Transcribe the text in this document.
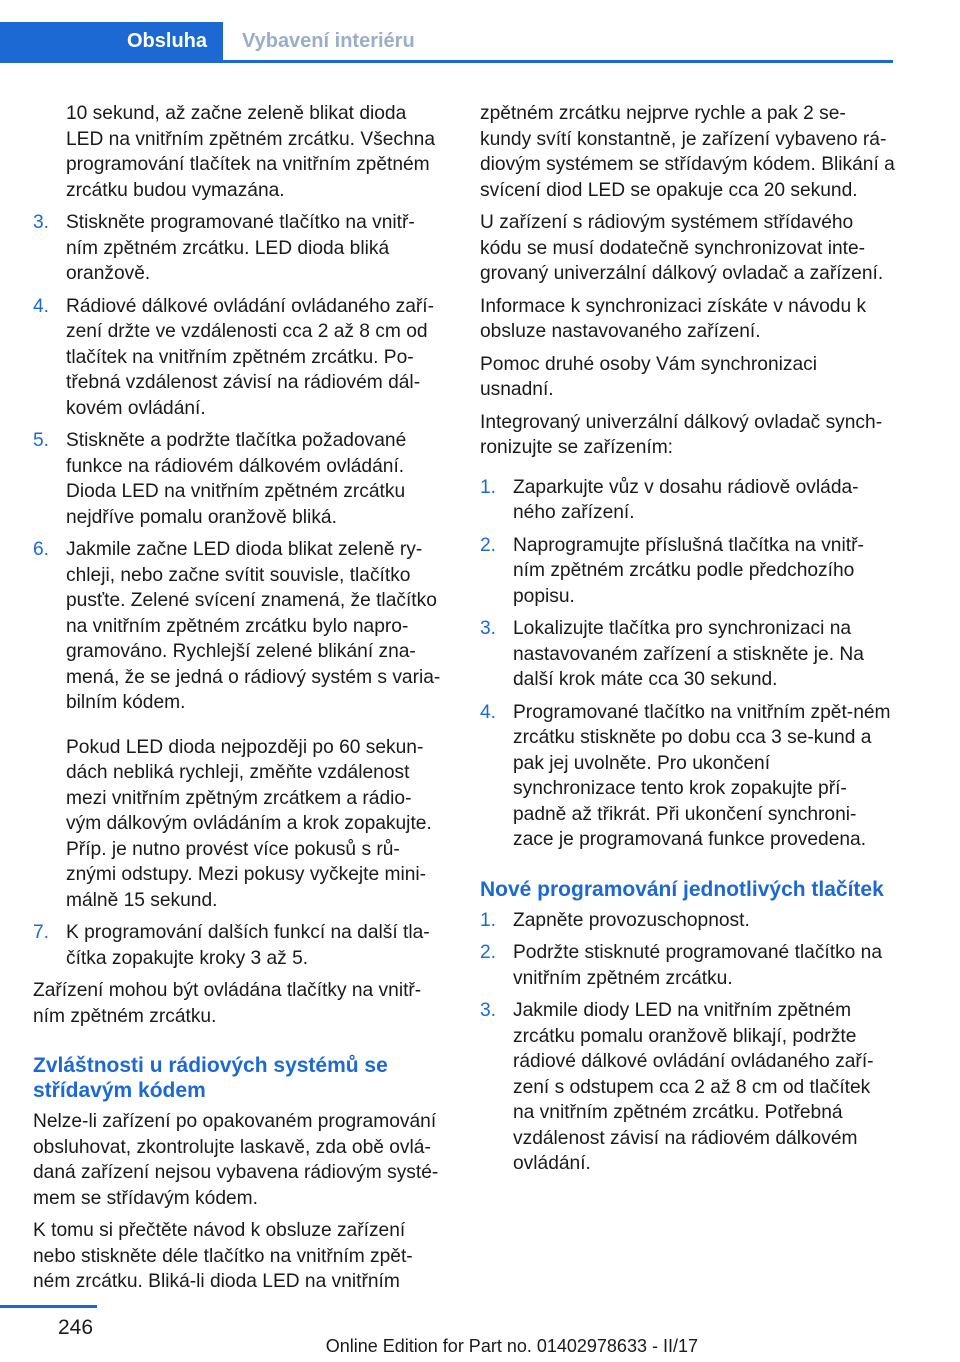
Obsluha Vybavení interiéru

10 sekund, až začne zeleně blikat dioda LED na vnitřním zpětném zrcátku. Všechna programování tlačítek na vnitřním zpětném zrcátku budou vymazána.

3. Stiskněte programované tlačítko na vnitř‐ním zpětném zrcátku. LED dioda bliká oranžově.
4. Rádiové dálkové ovládání ovládaného zaří‐zení držte ve vzdálenosti cca 2 až 8 cm od tlačítek na vnitřním zpětném zrcátku. Po‐třebná vzdálenost závisí na rádiovém dál‐kovém ovládání.
5. Stiskněte a podržte tlačítka požadované funkce na rádiovém dálkovém ovládání. Dioda LED na vnitřním zpětném zrcátku nejdříve pomalu oranžově bliká.
6. Jakmile začne LED dioda blikat zeleně ry‐chleji, nebo začne svítit souvisle, tlačítko pusťte. Zelené svícení znamená, že tlačítko na vnitřním zpětném zrcátku bylo napro‐gramováno. Rychlejší zelené blikání zna‐mená, že se jedná o rádiový systém s varia‐bilním kódem.

Pokud LED dioda nejpozději po 60 sekun‐dách nebliká rychleji, změňte vzdálenost mezi vnitřním zpětným zrcátkem a rádio‐vým dálkovým ovládáním a krok zopakujte. Příp. je nutno provést více pokusů s rů‐znými odstupy. Mezi pokusy vyčkejte mini‐málně 15 sekund.

7. K programování dalších funkcí na další tla‐čítka zopakujte kroky 3 až 5.

Zařízení mohou být ovládána tlačítky na vnitř‐ním zpětném zrcátku.

Zvláštnosti u rádiových systémů se střídavým kódem

Nelze-li zařízení po opakovaném programování obsluhovat, zkontrolujte laskavě, zda obě ovlá‐daná zařízení nejsou vybavena rádiovým systé‐mem se střídavým kódem.

K tomu si přečtěte návod k obsluze zařízení nebo stiskněte déle tlačítko na vnitřním zpět‐ném zrcátku. Bliká-li dioda LED na vnitřním

zpětném zrcátku nejprve rychle a pak 2 se‐kundy svítí konstantně, je zařízení vybaveno rá‐diovým systémem se střídavým kódem. Blikání a svícení diod LED se opakuje cca 20 sekund.

U zařízení s rádiovým systémem střídavého kódu se musí dodatečně synchronizovat inte‐grovaný univerzální dálkový ovladač a zařízení.

Informace k synchronizaci získáte v návodu k obsluze nastavovaného zařízení.

Pomoc druhé osoby Vám synchronizaci usnadní.

Integrovaný univerzální dálkový ovladač synch‐ronizujte se zařízením:

1. Zaparkujte vůz v dosahu rádiově ovláda‐ného zařízení.
2. Naprogramujte příslušná tlačítka na vnitř‐ním zpětném zrcátku podle předchozího popisu.
3. Lokalizujte tlačítka pro synchronizaci na nastavovaném zařízení a stiskněte je. Na další krok máte cca 30 sekund.
4. Programované tlačítko na vnitřním zpět‐ném zrcátku stiskněte po dobu cca 3 se‐kund a pak jej uvolněte. Pro ukončení synchronizace tento krok zopakujte pří‐padně až třikrát. Při ukončení synchroni‐zace je programovaná funkce provedena.
Nové programování jednotlivých tlačítek
1. Zapněte provozuschopnost.
2. Podržte stisknuté programované tlačítko na vnitřním zpětném zrcátku.
3. Jakmile diody LED na vnitřním zpětném zrcátku pomalu oranžově blikají, podržte rádiové dálkové ovládání ovládaného zaří‐zení s odstupem cca 2 až 8 cm od tlačítek na vnitřním zpětném zrcátku. Potřebná vzdálenost závisí na rádiovém dálkovém ovládání.
246
Online Edition for Part no. 01402978633 - II/17
